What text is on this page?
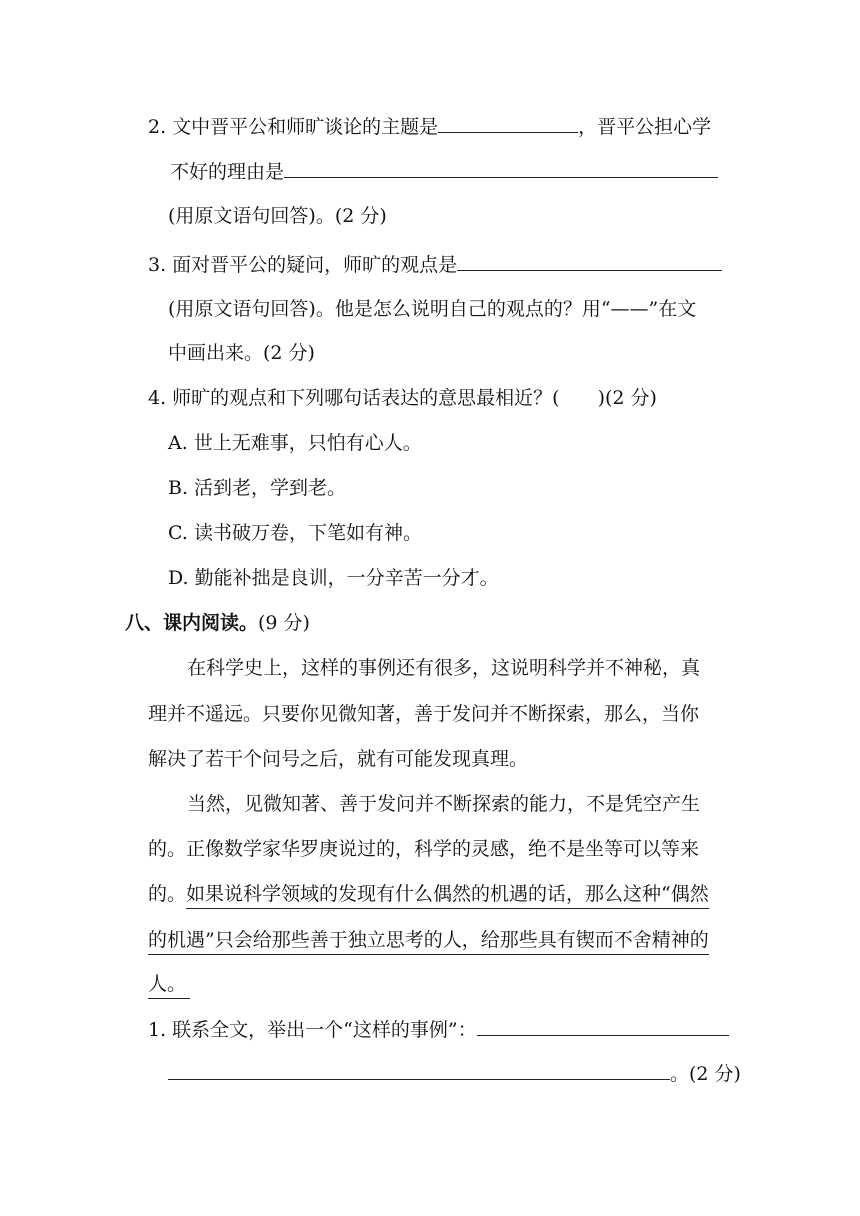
2. 文中晋平公和师旷谈论的主题是	，晋平公担心学
不好的理由是
(用原文语句回答)。(2 分)
3. 面对晋平公的疑问，师旷的观点是
(用原文语句回答)。他是怎么说明自己的观点的？用“——”在文
中画出来。(2 分)
4. 师旷的观点和下列哪句话表达的意思最相近？(  )(2 分)
A. 世上无难事，只怕有心人。
B. 活到老，学到老。
C. 读书破万卷，下笔如有神。
D. 勤能补拙是良训，一分辛苦一分才。
八、课内阅读。(9 分)
在科学史上，这样的事例还有很多，这说明科学并不神秘，真
理并不遥远。只要你见微知著，善于发问并不断探索，那么，当你
解决了若干个问号之后，就有可能发现真理。
当然，见微知著、善于发问并不断探索的能力，不是凭空产生
的。正像数学家华罗庚说过的，科学的灵感，绝不是坐等可以等来
的。如果说科学领域的发现有什么偶然的机遇的话，那么这种“偶然
的机遇”只会给那些善于独立思考的人，给那些具有锲而不舍精神的
人。
1. 联系全文，举出一个“这样的事例”：
。(2 分)
